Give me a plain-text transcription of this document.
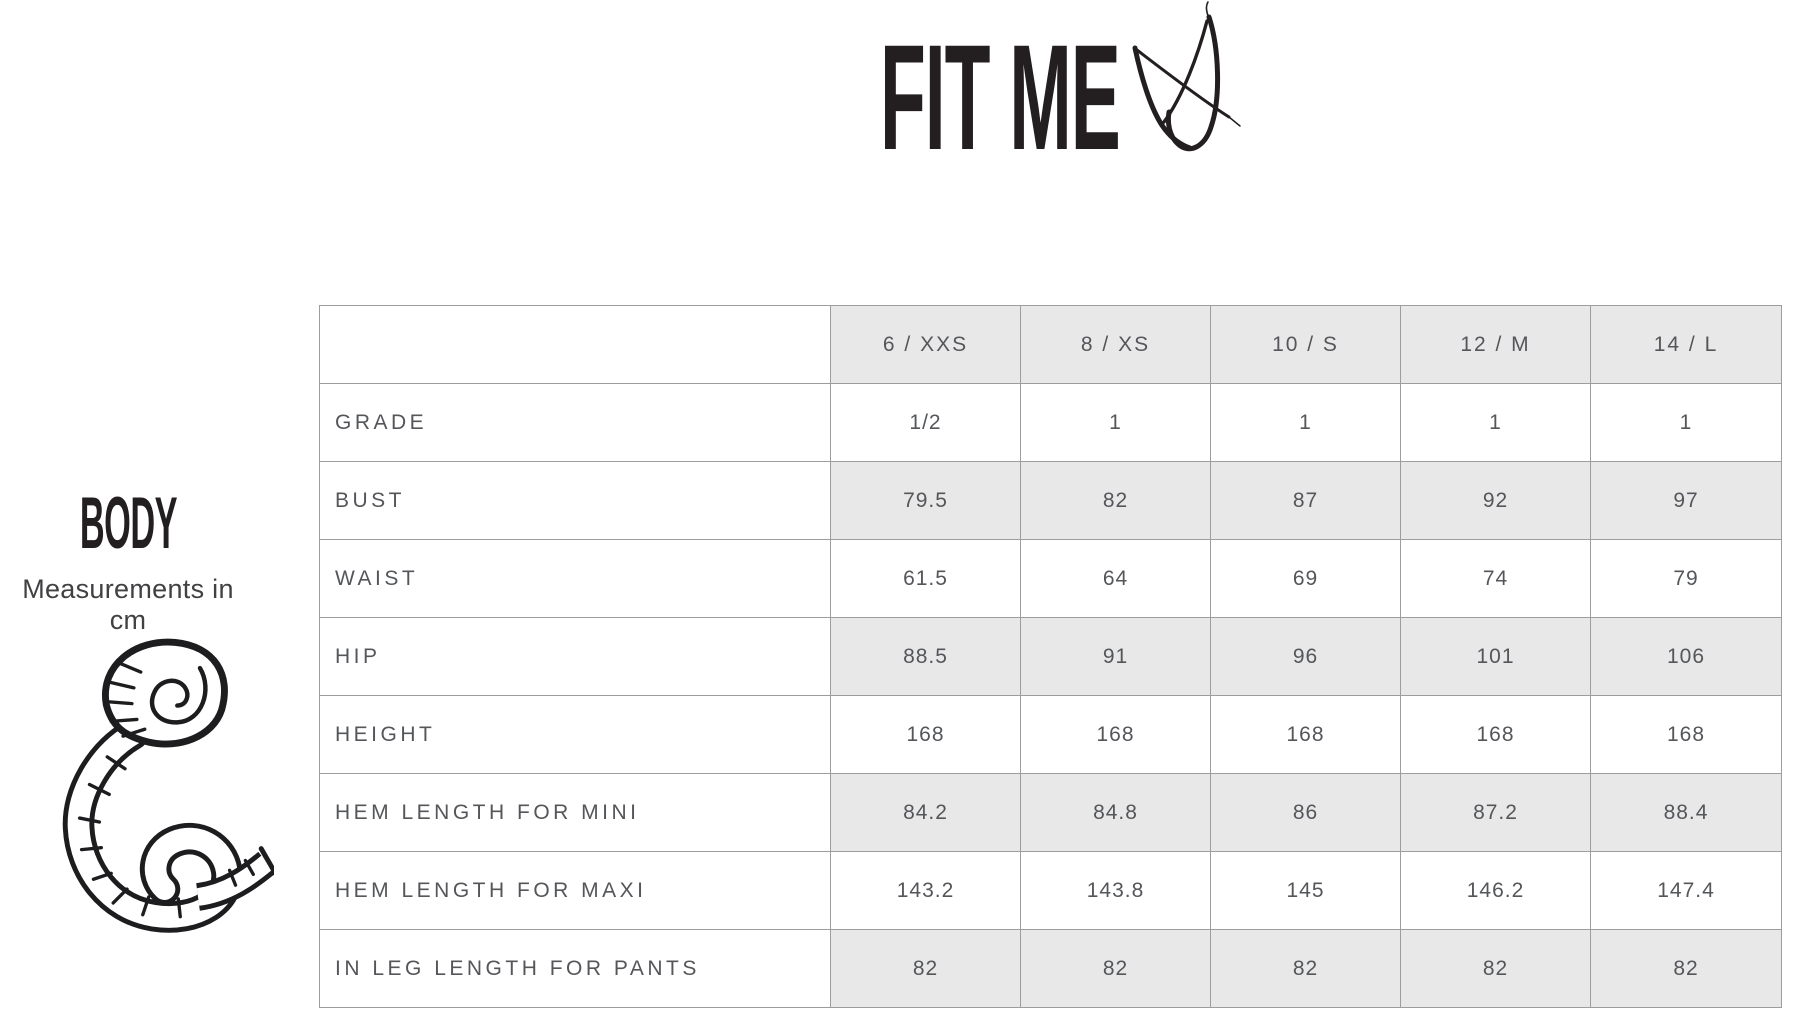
FIT ME
BODY
Measurements in cm
	6 / XXS	8 / XS	10 / S	12 / M	14 / L
GRADE	1/2	1	1	1	1
BUST	79.5	82	87	92	97
WAIST	61.5	64	69	74	79
HIP	88.5	91	96	101	106
HEIGHT	168	168	168	168	168
HEM LENGTH FOR MINI	84.2	84.8	86	87.2	88.4
HEM LENGTH FOR MAXI	143.2	143.8	145	146.2	147.4
IN LEG LENGTH FOR PANTS	82	82	82	82	82
